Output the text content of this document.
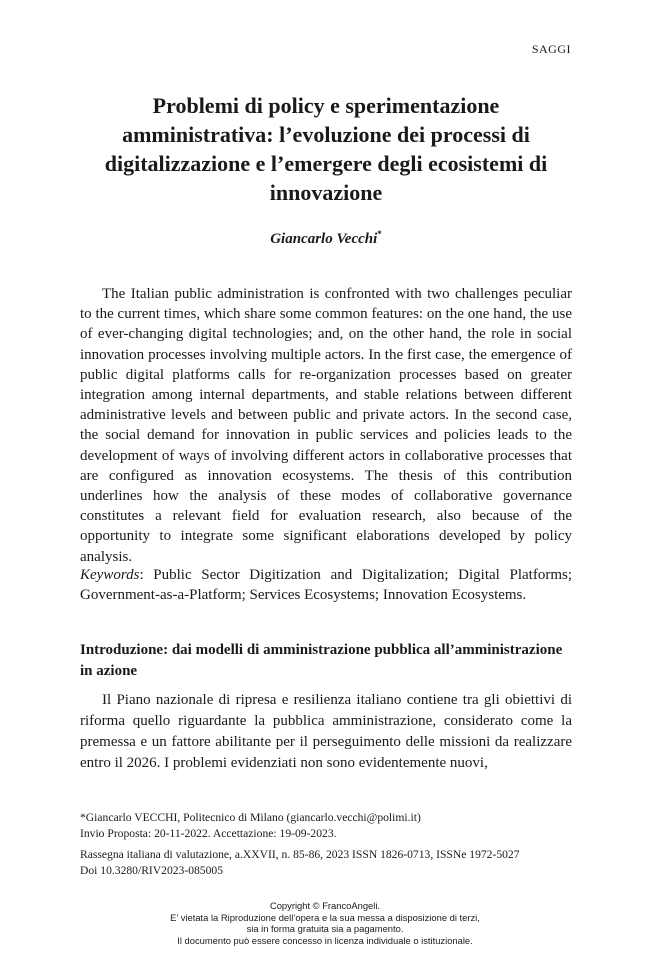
SAGGI
Problemi di policy e sperimentazione amministrativa: l’evoluzione dei processi di digitalizzazione e l’emergere degli ecosistemi di innovazione
Giancarlo Vecchi*

The Italian public administration is confronted with two challenges peculiar to the current times, which share some common features: on the one hand, the use of ever-changing digital technologies; and, on the other hand, the role in social innovation processes involving multiple actors. In the first case, the emergence of public digital platforms calls for re-organization processes based on greater integration among internal departments, and stable relations between different administrative levels and between public and private actors. In the second case, the social demand for innovation in public services and policies leads to the development of ways of involving different actors in collaborative processes that are configured as innovation ecosystems. The thesis of this contribution underlines how the analysis of these modes of collaborative governance constitutes a relevant field for evaluation research, also because of the opportunity to integrate some significant elaborations developed by policy analysis.

Keywords: Public Sector Digitization and Digitalization; Digital Platforms; Government-as-a-Platform; Services Ecosystems; Innovation Ecosystems.

Introduzione: dai modelli di amministrazione pubblica all’amministrazione in azione

Il Piano nazionale di ripresa e resilienza italiano contiene tra gli obiettivi di riforma quello riguardante la pubblica amministrazione, considerato come la premessa e un fattore abilitante per il perseguimento delle missioni da realizzare entro il 2026. I problemi evidenziati non sono evidentemente nuovi,

*Giancarlo VECCHI, Politecnico di Milano (giancarlo.vecchi@polimi.it)
Invio Proposta: 20-11-2022. Accettazione: 19-09-2023.
Rassegna italiana di valutazione, a.XXVII, n. 85-86, 2023 ISSN 1826-0713, ISSNe 1972-5027
Doi 10.3280/RIV2023-085005
Copyright © FrancoAngeli.
E’ vietata la Riproduzione dell’opera e la sua messa a disposizione di terzi,
sia in forma gratuita sia a pagamento.
Il documento può essere concesso in licenza individuale o istituzionale.
